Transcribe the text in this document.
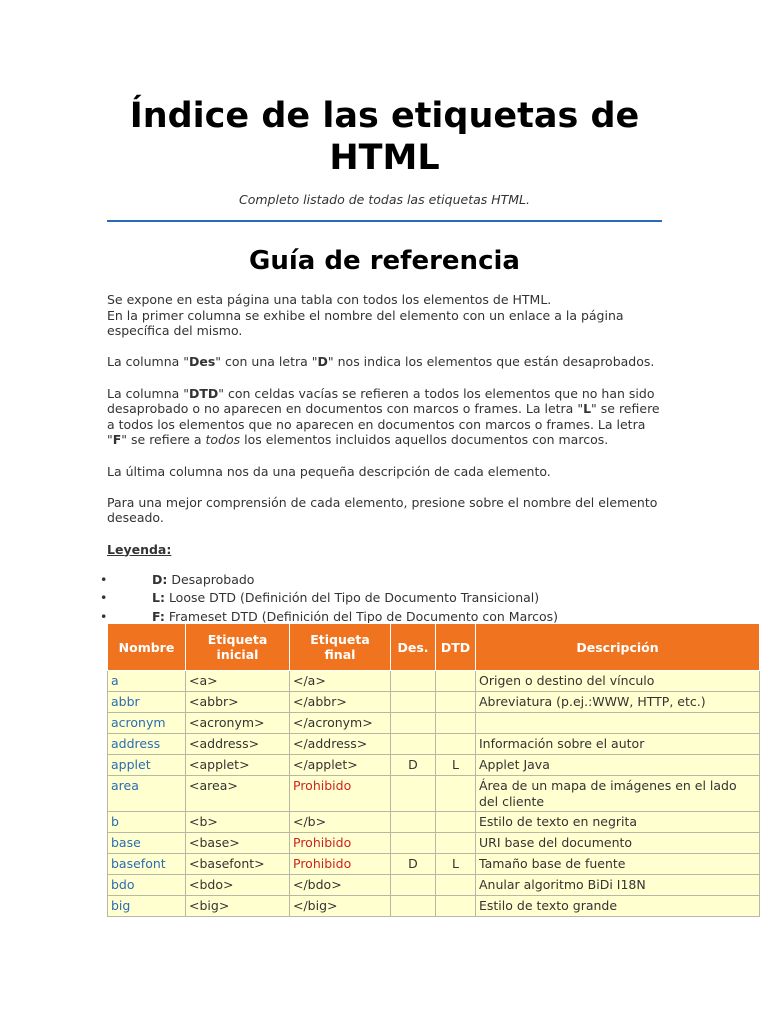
Índice de las etiquetas de HTML
Completo listado de todas las etiquetas HTML.
Guía de referencia

Se expone en esta página una tabla con todos los elementos de HTML.
En la primer columna se exhibe el nombre del elemento con un enlace a la página específica del mismo.

La columna "Des" con una letra "D" nos indica los elementos que están desaprobados.

La columna "DTD" con celdas vacías se refieren a todos los elementos que no han sido desaprobado o no aparecen en documentos con marcos o frames. La letra "L" se refiere a todos los elementos que no aparecen en documentos con marcos o frames. La letra "F" se refiere a todos los elementos incluidos aquellos documentos con marcos.

La última columna nos da una pequeña descripción de cada elemento.

Para una mejor comprensión de cada elemento, presione sobre el nombre del elemento deseado.

Leyenda:

•	D: Desaprobado
•	L: Loose DTD (Definición del Tipo de Documento Transicional)
•	F: Frameset DTD (Definición del Tipo de Documento con Marcos)
Nombre	Etiqueta inicial	Etiqueta final	Des.	DTD	Descripción
a	<a>	</a>			Origen o destino del vínculo
abbr	<abbr>	</abbr>			Abreviatura (p.ej.:WWW, HTTP, etc.)
acronym	<acronym>	</acronym>			
address	<address>	</address>			Información sobre el autor
applet	<applet>	</applet>	D	L	Applet Java
area	<area>	Prohibido			Área de un mapa de imágenes en el lado del cliente
b	<b>	</b>			Estilo de texto en negrita
base	<base>	Prohibido			URI base del documento
basefont	<basefont>	Prohibido	D	L	Tamaño base de fuente
bdo	<bdo>	</bdo>			Anular algoritmo BiDi I18N
big	<big>	</big>			Estilo de texto grande
